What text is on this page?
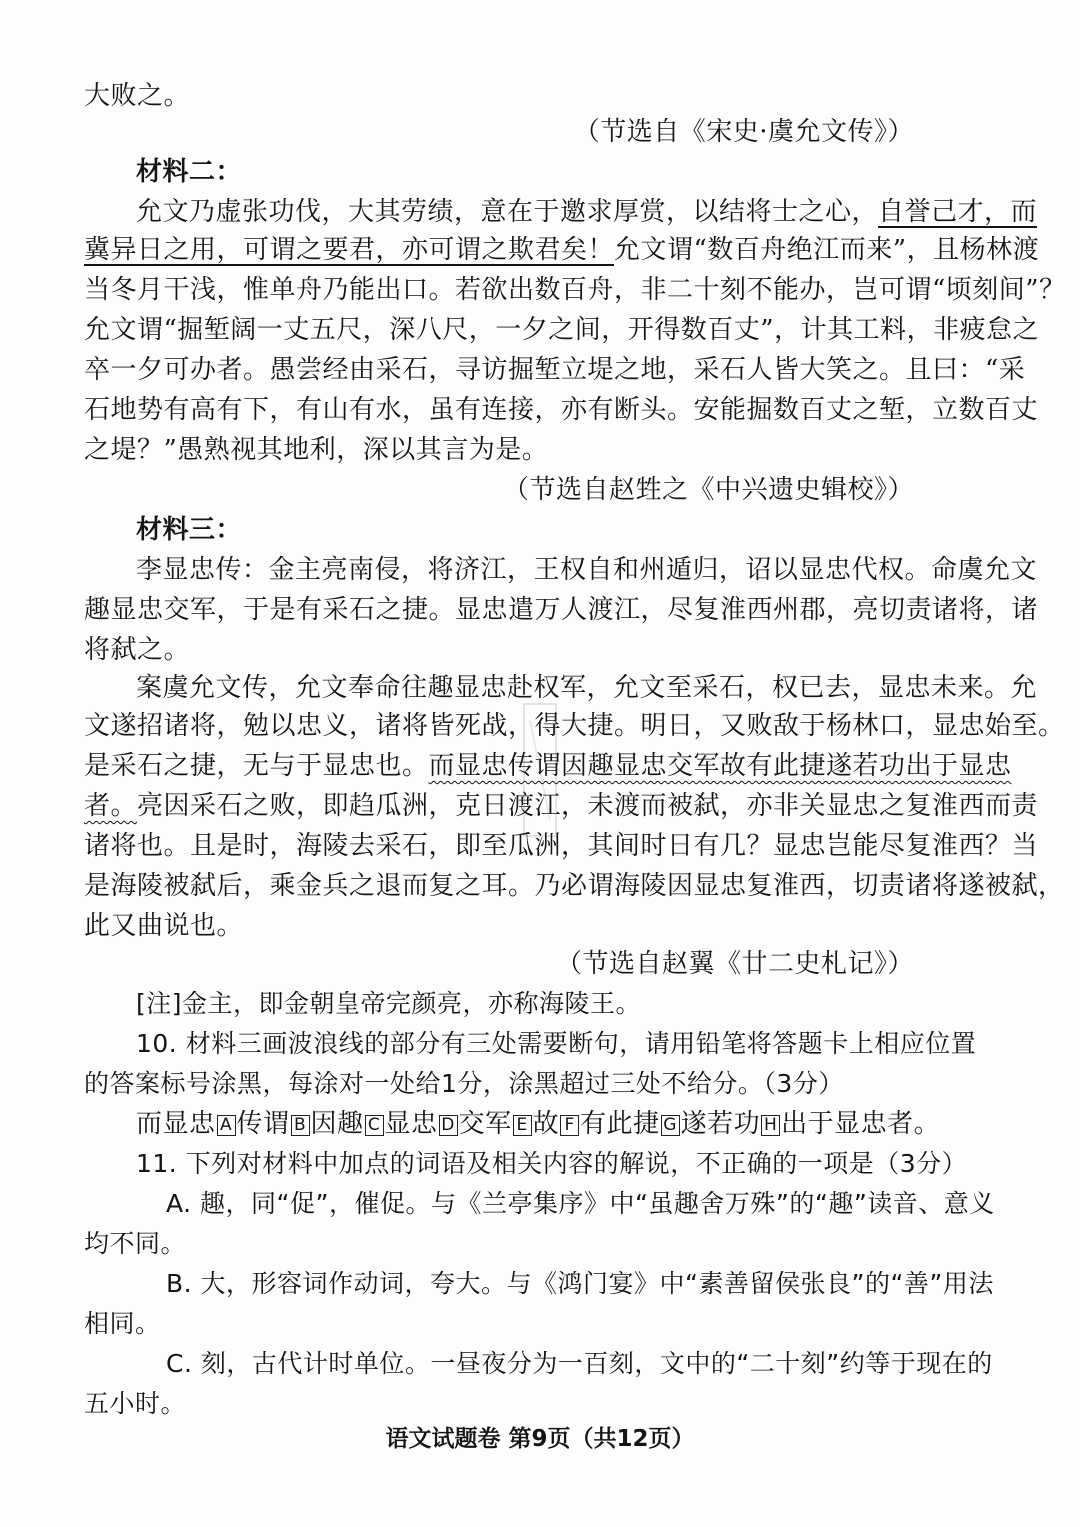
大败之。
（节选自《宋史·虞允文传》）
材料二：
允文乃虚张功伐，大其劳绩，意在于邀求厚赏，以结将士之心，自誉己才，而
冀异日之用，可谓之要君，亦可谓之欺君矣！允文谓“数百舟绝江而来”，且杨林渡
当冬月干浅，惟单舟乃能出口。若欲出数百舟，非二十刻不能办，岂可谓“顷刻间”？
允文谓“掘堑阔一丈五尺，深八尺，一夕之间，开得数百丈”，计其工料，非疲怠之
卒一夕可办者。愚尝经由采石，寻访掘堑立堤之地，采石人皆大笑之。且曰：“采
石地势有高有下，有山有水，虽有连接，亦有断头。安能掘数百丈之堑，立数百丈
之堤？”愚熟视其地利，深以其言为是。
（节选自赵甡之《中兴遗史辑校》）
材料三：
李显忠传：金主亮南侵，将济江，王权自和州遁归，诏以显忠代权。命虞允文
趣显忠交军，于是有采石之捷。显忠遣万人渡江，尽复淮西州郡，亮切责诸将，诸
将弑之。
案虞允文传，允文奉命往趣显忠赴权军，允文至采石，权已去，显忠未来。允
文遂招诸将，勉以忠义，诸将皆死战，得大捷。明日，又败敌于杨林口，显忠始至。
是采石之捷，无与于显忠也。而显忠传谓因趣显忠交军故有此捷遂若功出于显忠
者。亮因采石之败，即趋瓜洲，克日渡江，未渡而被弑，亦非关显忠之复淮西而责
诸将也。且是时，海陵去采石，即至瓜洲，其间时日有几？显忠岂能尽复淮西？当
是海陵被弑后，乘金兵之退而复之耳。乃必谓海陵因显忠复淮西，切责诸将遂被弑，
此又曲说也。
（节选自赵翼《廿二史札记》）
[注]金主，即金朝皇帝完颜亮，亦称海陵王。
10. 材料三画波浪线的部分有三处需要断句，请用铅笔将答题卡上相应位置
的答案标号涂黑，每涂对一处给1分，涂黑超过三处不给分。（3分）
而显忠 A 传谓 B 因趣 C 显忠 D 交军 E 故 F 有此捷 G 遂若功 H 出于显忠者。
11. 下列对材料中加点的词语及相关内容的解说，不正确的一项是（3分）
A. 趣，同“促”，催促。与《兰亭集序》中“虽趣舍万殊”的“趣”读音、意义
均不同。
B. 大，形容词作动词，夸大。与《鸿门宴》中“素善留侯张良”的“善”用法
相同。
C. 刻，古代计时单位。一昼夜分为一百刻，文中的“二十刻”约等于现在的
五小时。
语文试题卷 第9页（共12页）
